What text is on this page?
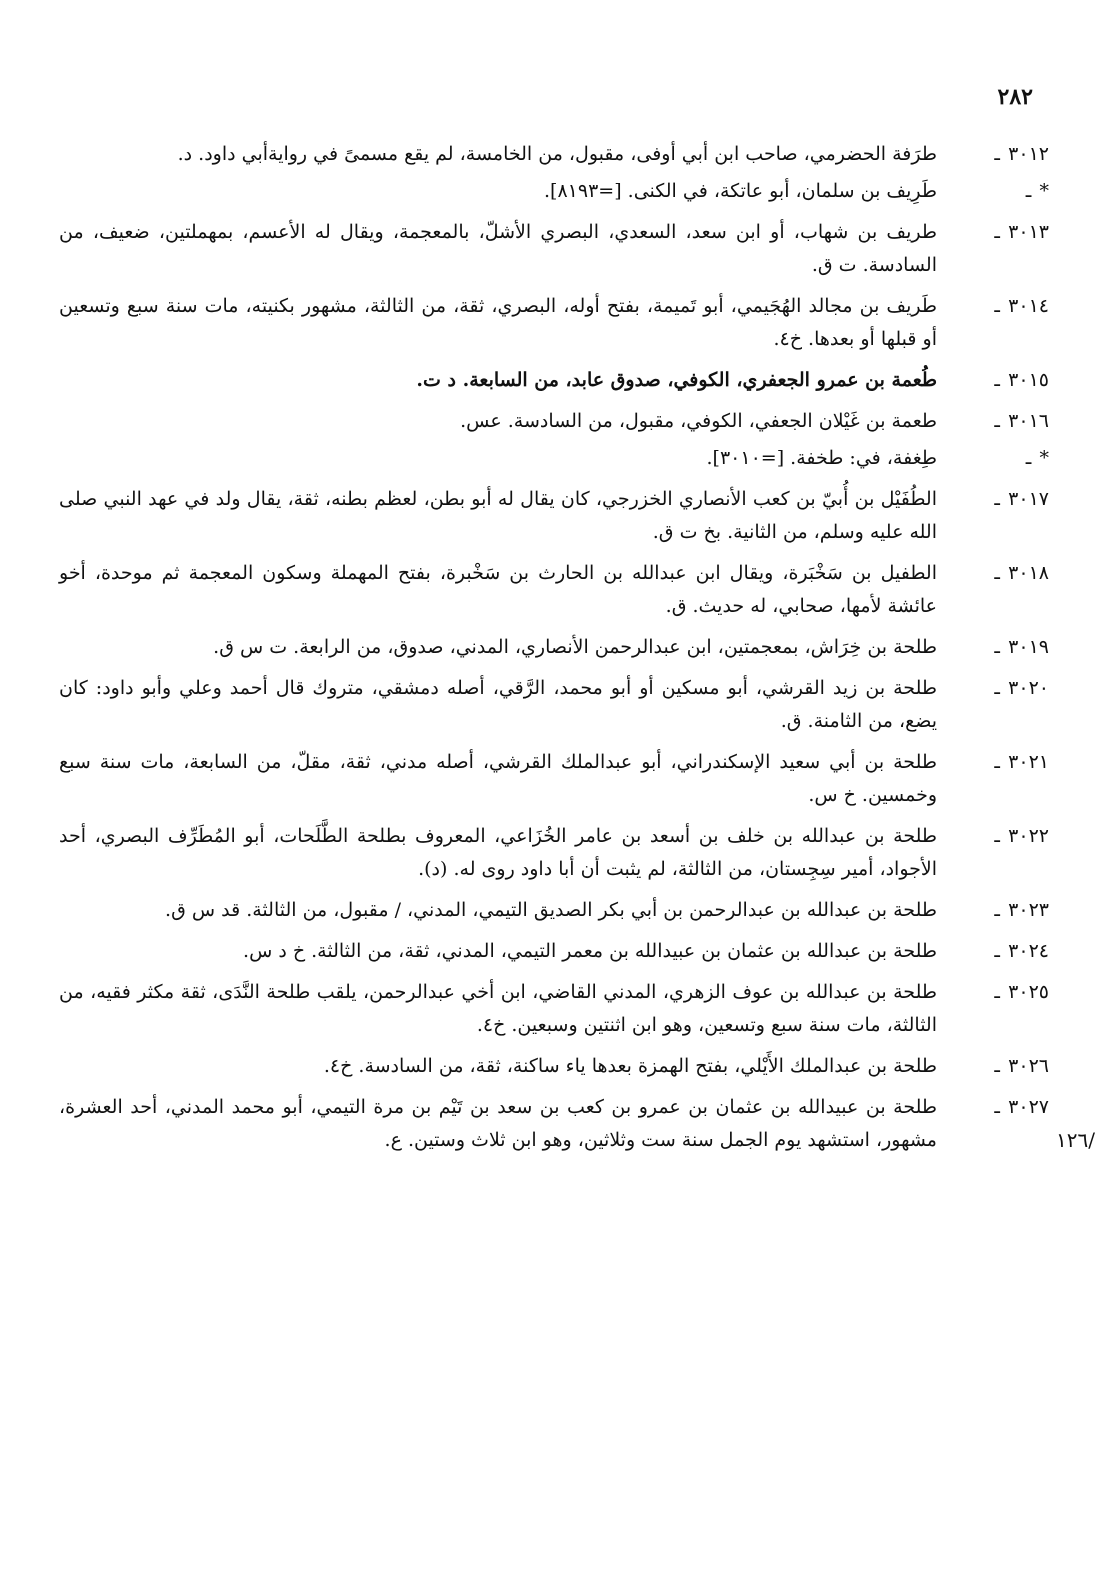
٢٨٢
/١٢٦
٣٠١٢ـ
طرَفة الحضرمي، صاحب ابن أبي أوفى، مقبول، من الخامسة، لم يقع مسمىً في روايةأبي داود. د.
*ـ
طَرِيف بن سلمان، أبو عاتكة، في الكنى. [=٨١٩٣].
٣٠١٣ـ
طريف بن شهاب، أو ابن سعد، السعدي، البصري الأشلّ، بالمعجمة، ويقال له الأعسم، بمهملتين، ضعيف، من السادسة. ت ق.
٣٠١٤ـ
طَريف بن مجالد الهُجَيمي، أبو تَميمة، بفتح أوله، البصري، ثقة، من الثالثة، مشهور بكنيته، مات سنة سبع وتسعين أو قبلها أو بعدها. خ٤.
٣٠١٥ـ
طُعمة بن عمرو الجعفري، الكوفي، صدوق عابد، من السابعة. د ت.
٣٠١٦ـ
طعمة بن غَيْلان الجعفي، الكوفي، مقبول، من السادسة. عس.
*ـ
طِغفة، في: طخفة. [=٣٠١٠].
٣٠١٧ـ
الطُفَيْل بن أُبيّ بن كعب الأنصاري الخزرجي، كان يقال له أبو بطن، لعظم بطنه، ثقة، يقال ولد في عهد النبي صلى الله عليه وسلم، من الثانية. بخ ت ق.
٣٠١٨ـ
الطفيل بن سَخْبَرة، ويقال ابن عبدالله بن الحارث بن سَخْبرة، بفتح المهملة وسكون المعجمة ثم موحدة، أخو عائشة لأمها، صحابي، له حديث. ق.
٣٠١٩ـ
طلحة بن خِرَاش، بمعجمتين، ابن عبدالرحمن الأنصاري، المدني، صدوق، من الرابعة. ت س ق.
٣٠٢٠ـ
طلحة بن زيد القرشي، أبو مسكين أو أبو محمد، الرَّقي، أصله دمشقي، متروك قال أحمد وعلي وأبو داود: كان يضع، من الثامنة. ق.
٣٠٢١ـ
طلحة بن أبي سعيد الإسكندراني، أبو عبدالملك القرشي، أصله مدني، ثقة، مقلّ، من السابعة، مات سنة سبع وخمسين. خ س.
٣٠٢٢ـ
طلحة بن عبدالله بن خلف بن أسعد بن عامر الخُزَاعي، المعروف بطلحة الطَّلَحات، أبو المُطَرِّف البصري، أحد الأجواد، أمير سِجِستان، من الثالثة، لم يثبت أن أبا داود روى له. (د).
٣٠٢٣ـ
طلحة بن عبدالله بن عبدالرحمن بن أبي بكر الصديق التيمي، المدني، / مقبول، من الثالثة. قد س ق.
٣٠٢٤ـ
طلحة بن عبدالله بن عثمان بن عبيدالله بن معمر التيمي، المدني، ثقة، من الثالثة. خ د س.
٣٠٢٥ـ
طلحة بن عبدالله بن عوف الزهري، المدني القاضي، ابن أخي عبدالرحمن، يلقب طلحة النَّدَى، ثقة مكثر فقيه، من الثالثة، مات سنة سبع وتسعين، وهو ابن اثنتين وسبعين. خ٤.
٣٠٢٦ـ
طلحة بن عبدالملك الأَيْلي، بفتح الهمزة بعدها ياء ساكنة، ثقة، من السادسة. خ٤.
٣٠٢٧ـ
طلحة بن عبيدالله بن عثمان بن عمرو بن كعب بن سعد بن تَيْم بن مرة التيمي، أبو محمد المدني، أحد العشرة، مشهور، استشهد يوم الجمل سنة ست وثلاثين، وهو ابن ثلاث وستين. ع.
